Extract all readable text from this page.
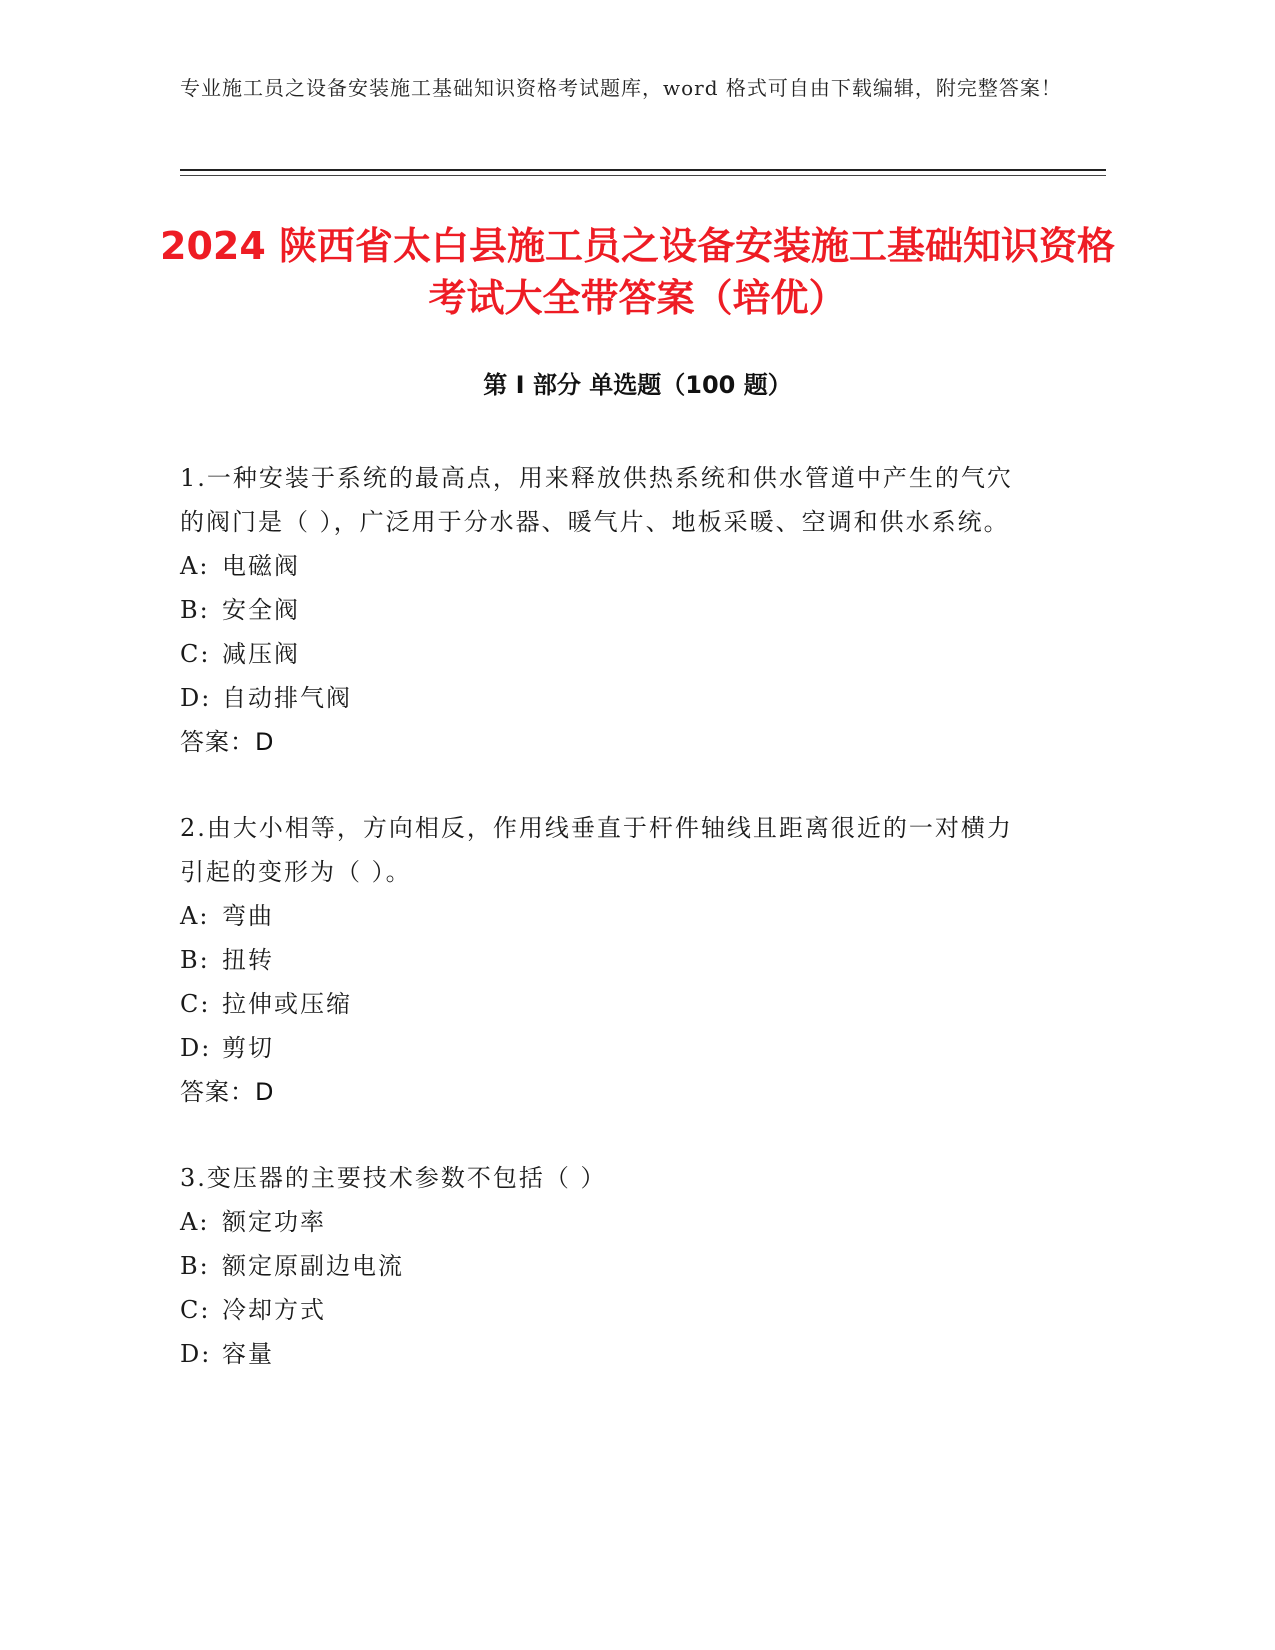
专业施工员之设备安装施工基础知识资格考试题库，word 格式可自由下载编辑，附完整答案！
2024 陕西省太白县施工员之设备安装施工基础知识资格考试大全带答案（培优）
第 I 部分 单选题（100 题）

1.一种安装于系统的最高点，用来释放供热系统和供水管道中产生的气穴的阀门是（ ），广泛用于分水器、暖气片、地板采暖、空调和供水系统。

A: 电磁阀
B: 安全阀
C: 减压阀
D: 自动排气阀
答案：D

2.由大小相等，方向相反，作用线垂直于杆件轴线且距离很近的一对横力引起的变形为（ ）。

A: 弯曲
B: 扭转
C: 拉伸或压缩
D: 剪切
答案：D

3.变压器的主要技术参数不包括（ ）

A: 额定功率
B: 额定原副边电流
C: 冷却方式
D: 容量
